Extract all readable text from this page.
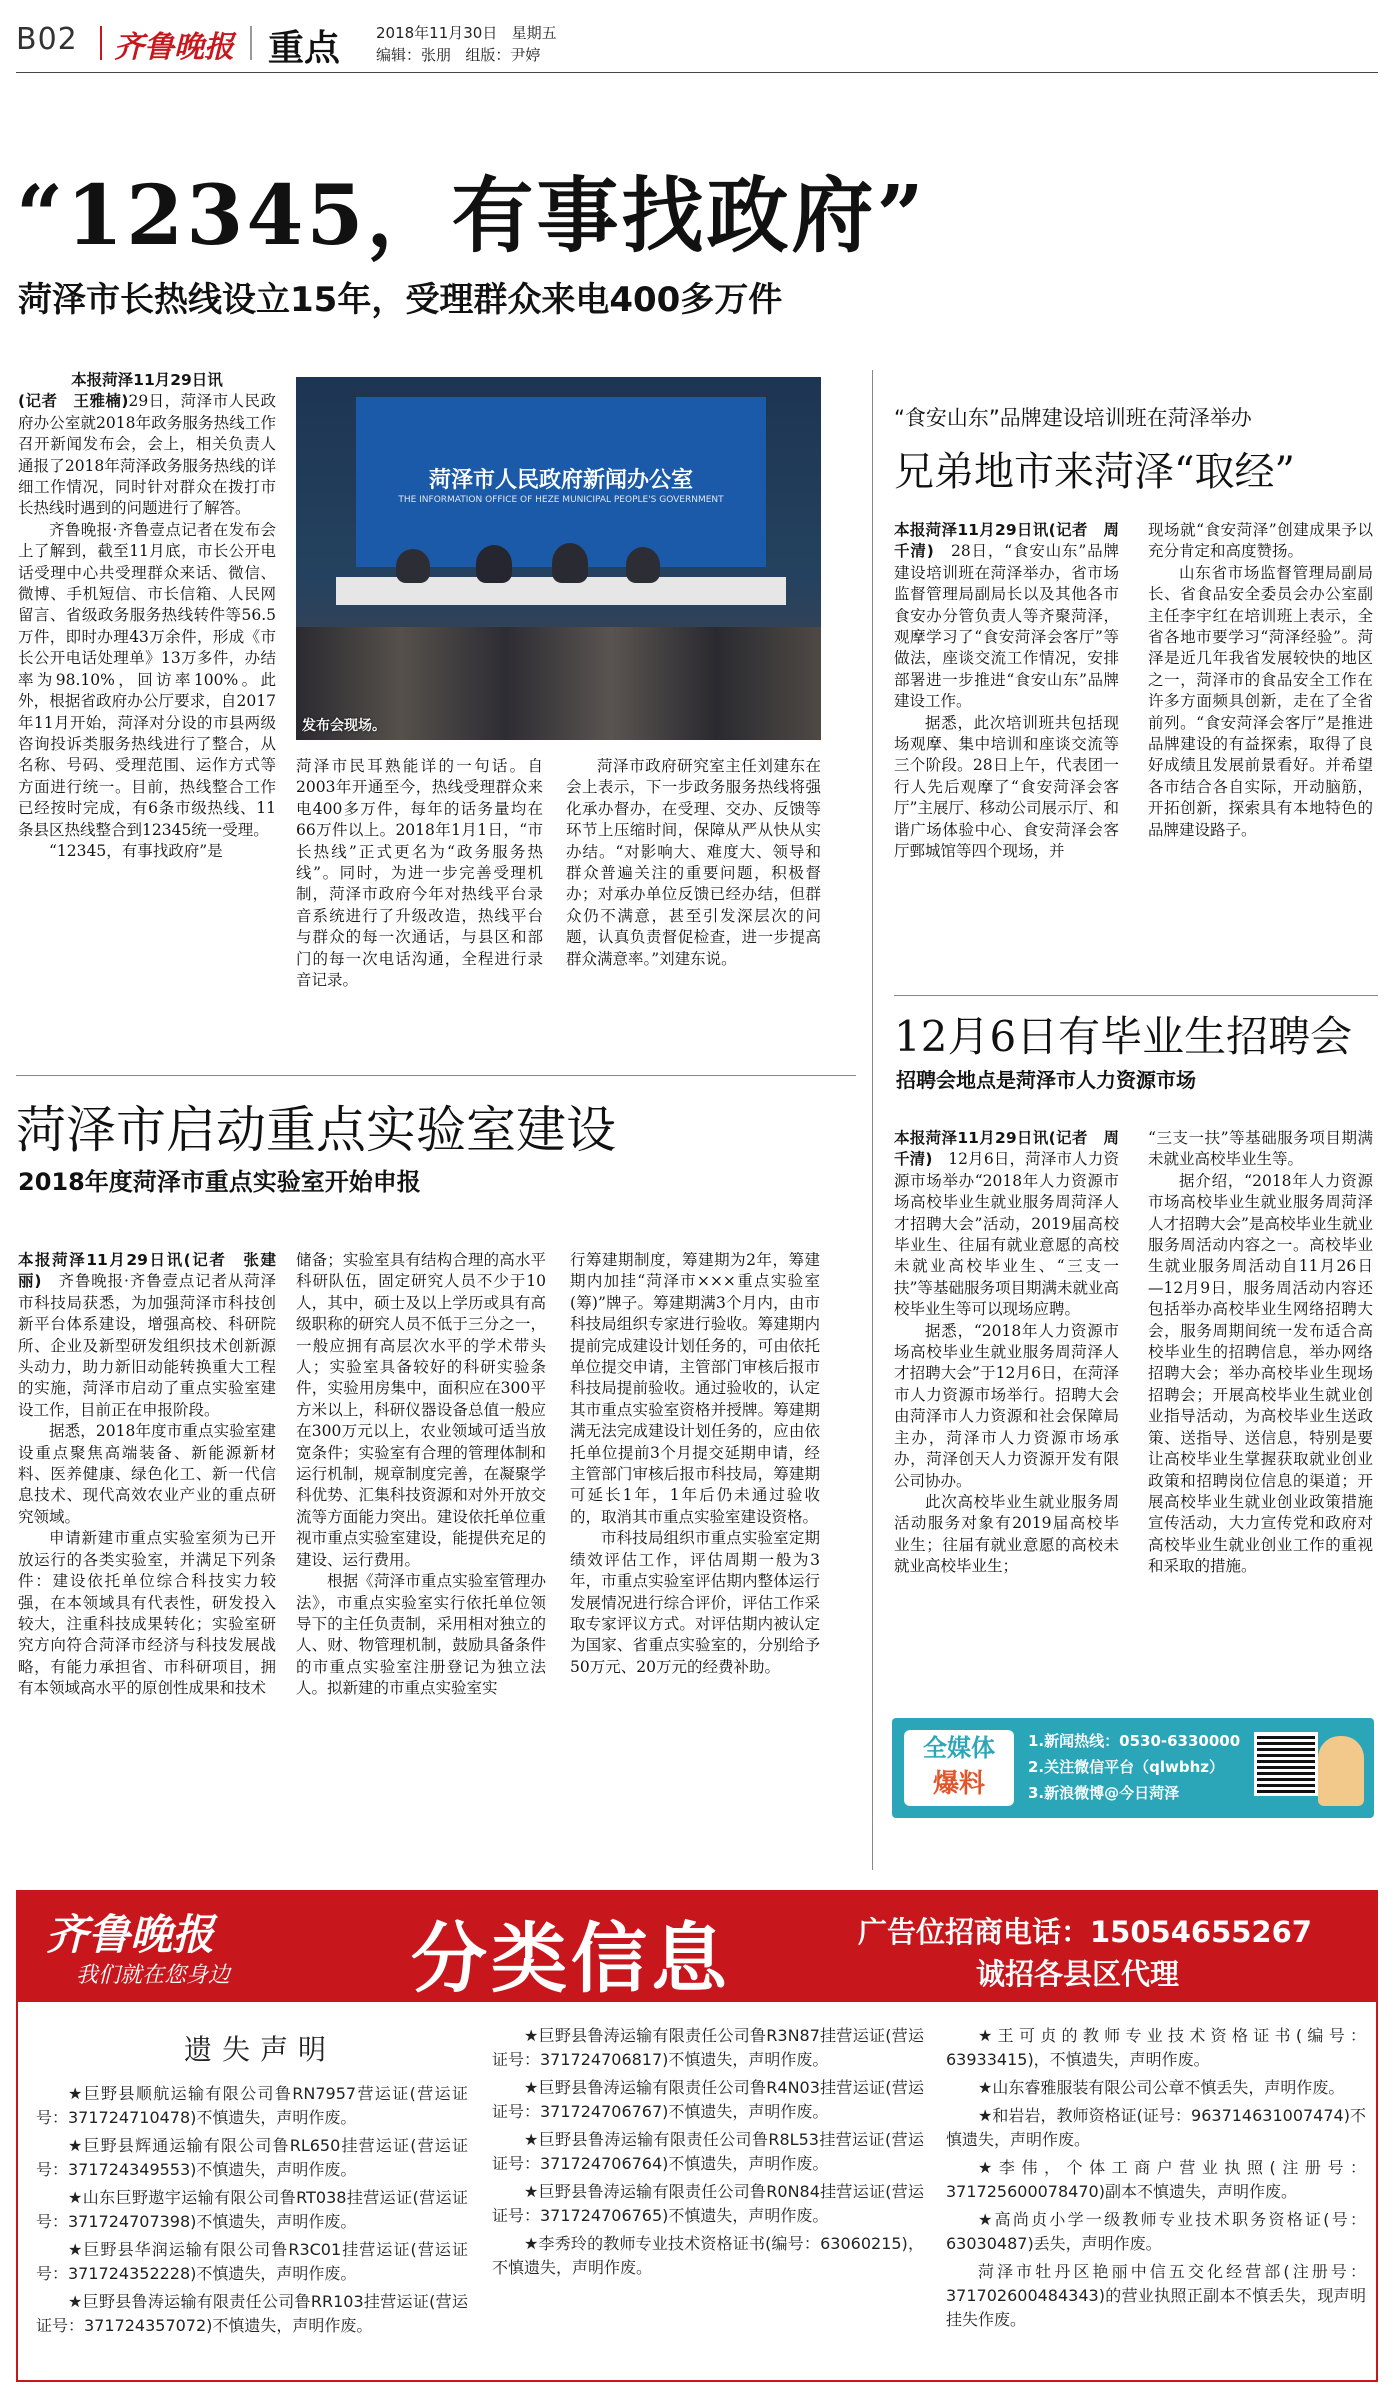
B02 齐鲁晚报 重点 2018年11月30日 星期五
编辑：张朋 组版：尹婷
“12345，有事找政府”
菏泽市长热线设立15年，受理群众来电400多万件

本报菏泽11月29日讯

(记者　王雅楠)29日，菏泽市人民政府办公室就2018年政务服务热线工作召开新闻发布会，会上，相关负责人通报了2018年菏泽政务服务热线的详细工作情况，同时针对群众在拨打市长热线时遇到的问题进行了解答。

齐鲁晚报·齐鲁壹点记者在发布会上了解到，截至11月底，市长公开电话受理中心共受理群众来话、微信、微博、手机短信、市长信箱、人民网留言、省级政务服务热线转件等56.5万件，即时办理43万余件，形成《市长公开电话处理单》13万多件，办结率为98.10%，回访率100%。此外，根据省政府办公厅要求，自2017年11月开始，菏泽对分设的市县两级咨询投诉类服务热线进行了整合，从名称、号码、受理范围、运作方式等方面进行统一。目前，热线整合工作已经按时完成，有6条市级热线、11条县区热线整合到12345统一受理。

“12345，有事找政府”是

菏泽市人民政府新闻办公室
THE INFORMATION OFFICE OF HEZE MUNICIPAL PEOPLE'S GOVERNMENT
发布会现场。

菏泽市民耳熟能详的一句话。自2003年开通至今，热线受理群众来电400多万件，每年的话务量均在66万件以上。2018年1月1日，“市长热线”正式更名为“政务服务热线”。同时，为进一步完善受理机制，菏泽市政府今年对热线平台录音系统进行了升级改造，热线平台与群众的每一次通话，与县区和部门的每一次电话沟通，全程进行录音记录。

菏泽市政府研究室主任刘建东在会上表示，下一步政务服务热线将强化承办督办，在受理、交办、反馈等环节上压缩时间，保障从严从快从实办结。“对影响大、难度大、领导和群众普遍关注的重要问题，积极督办；对承办单位反馈已经办结，但群众仍不满意，甚至引发深层次的问题，认真负责督促检查，进一步提高群众满意率。”刘建东说。

“食安山东”品牌建设培训班在菏泽举办
兄弟地市来菏泽“取经”

本报菏泽11月29日讯(记者　周千清)　 28日，“食安山东”品牌建设培训班在菏泽举办，省市场监督管理局副局长以及其他各市食安办分管负责人等齐聚菏泽，观摩学习了“食安菏泽会客厅”等做法，座谈交流工作情况，安排部署进一步推进“食安山东”品牌建设工作。

据悉，此次培训班共包括现场观摩、集中培训和座谈交流等三个阶段。28日上午，代表团一行人先后观摩了“食安菏泽会客厅”主展厅、移动公司展示厅、和谐广场体验中心、食安菏泽会客厅鄄城馆等四个现场，并

现场就“食安菏泽”创建成果予以充分肯定和高度赞扬。

山东省市场监督管理局副局长、省食品安全委员会办公室副主任李宇红在培训班上表示，全省各地市要学习“菏泽经验”。菏泽是近几年我省发展较快的地区之一，菏泽市的食品安全工作在许多方面频具创新，走在了全省前列。“食安菏泽会客厅”是推进品牌建设的有益探索，取得了良好成绩且发展前景看好。并希望各市结合各自实际，开动脑筋，开拓创新，探索具有本地特色的品牌建设路子。

12月6日有毕业生招聘会
招聘会地点是菏泽市人力资源市场

本报菏泽11月29日讯(记者　周千清)　 12月6日，菏泽市人力资源市场举办“2018年人力资源市场高校毕业生就业服务周菏泽人才招聘大会”活动，2019届高校毕业生、往届有就业意愿的高校未就业高校毕业生、“三支一扶”等基础服务项目期满未就业高校毕业生等可以现场应聘。

据悉，“2018年人力资源市场高校毕业生就业服务周菏泽人才招聘大会”于12月6日，在菏泽市人力资源市场举行。招聘大会由菏泽市人力资源和社会保障局主办，菏泽市人力资源市场承办，菏泽创天人力资源开发有限公司协办。

此次高校毕业生就业服务周活动服务对象有2019届高校毕业生；往届有就业意愿的高校未就业高校毕业生；

“三支一扶”等基础服务项目期满未就业高校毕业生等。

据介绍，“2018年人力资源市场高校毕业生就业服务周菏泽人才招聘大会”是高校毕业生就业服务周活动内容之一。高校毕业生就业服务周活动自11月26日—12月9日，服务周活动内容还包括举办高校毕业生网络招聘大会，服务周期间统一发布适合高校毕业生的招聘信息，举办网络招聘大会；举办高校毕业生现场招聘会；开展高校毕业生就业创业指导活动，为高校毕业生送政策、送指导、送信息，特别是要让高校毕业生掌握获取就业创业政策和招聘岗位信息的渠道；开展高校毕业生就业创业政策措施宣传活动，大力宣传党和政府对高校毕业生就业创业工作的重视和采取的措施。

全媒体
爆料
1.新闻热线：0530-6330000
2.关注微信平台（qlwbhz）
3.新浪微博@今日菏泽
菏泽市启动重点实验室建设
2018年度菏泽市重点实验室开始申报

本报菏泽11月29日讯(记者　张建丽)　 齐鲁晚报·齐鲁壹点记者从菏泽市科技局获悉，为加强菏泽市科技创新平台体系建设，增强高校、科研院所、企业及新型研发组织技术创新源头动力，助力新旧动能转换重大工程的实施，菏泽市启动了重点实验室建设工作，目前正在申报阶段。

据悉，2018年度市重点实验室建设重点聚焦高端装备、新能源新材料、医养健康、绿色化工、新一代信息技术、现代高效农业产业的重点研究领域。

申请新建市重点实验室须为已开放运行的各类实验室，并满足下列条件：建设依托单位综合科技实力较强，在本领域具有代表性，研发投入较大，注重科技成果转化；实验室研究方向符合菏泽市经济与科技发展战略，有能力承担省、市科研项目，拥有本领域高水平的原创性成果和技术

储备；实验室具有结构合理的高水平科研队伍，固定研究人员不少于10人，其中，硕士及以上学历或具有高级职称的研究人员不低于三分之一，一般应拥有高层次水平的学术带头人；实验室具备较好的科研实验条件，实验用房集中，面积应在300平方米以上，科研仪器设备总值一般应在300万元以上，农业领域可适当放宽条件；实验室有合理的管理体制和运行机制，规章制度完善，在凝聚学科优势、汇集科技资源和对外开放交流等方面能力突出。建设依托单位重视市重点实验室建设，能提供充足的建设、运行费用。

根据《菏泽市重点实验室管理办法》，市重点实验室实行依托单位领导下的主任负责制，采用相对独立的人、财、物管理机制，鼓励具备条件的市重点实验室注册登记为独立法人。拟新建的市重点实验室实

行筹建期制度，筹建期为2年，筹建期内加挂“菏泽市×××重点实验室(筹)”牌子。筹建期满3个月内，由市科技局组织专家进行验收。筹建期内提前完成建设计划任务的，可由依托单位提交申请，主管部门审核后报市科技局提前验收。通过验收的，认定其市重点实验室资格并授牌。筹建期满无法完成建设计划任务的，应由依托单位提前3个月提交延期申请，经主管部门审核后报市科技局，筹建期可延长1年，1年后仍未通过验收的，取消其市重点实验室建设资格。

市科技局组织市重点实验室定期绩效评估工作，评估周期一般为3年，市重点实验室评估期内整体运行发展情况进行综合评价，评估工作采取专家评议方式。对评估期内被认定为国家、省重点实验室的，分别给予50万元、20万元的经费补助。

齐鲁晚报
我们就在您身边 分类信息	广告位招商电话：15054655267
诚招各县区代理
遗失声明

★巨野县顺航运输有限公司鲁RN7957营运证(营运证号：371724710478)不慎遗失，声明作废。

★巨野县辉通运输有限公司鲁RL650挂营运证(营运证号：371724349553)不慎遗失，声明作废。

★山东巨野遨宇运输有限公司鲁RT038挂营运证(营运证号：371724707398)不慎遗失，声明作废。

★巨野县华润运输有限公司鲁R3C01挂营运证(营运证号：371724352228)不慎遗失，声明作废。

★巨野县鲁涛运输有限责任公司鲁RR103挂营运证(营运证号：371724357072)不慎遗失，声明作废。

★巨野县鲁涛运输有限责任公司鲁R3N87挂营运证(营运证号：371724706817)不慎遗失，声明作废。

★巨野县鲁涛运输有限责任公司鲁R4N03挂营运证(营运证号：371724706767)不慎遗失，声明作废。

★巨野县鲁涛运输有限责任公司鲁R8L53挂营运证(营运证号：371724706764)不慎遗失，声明作废。

★巨野县鲁涛运输有限责任公司鲁R0N84挂营运证(营运证号：371724706765)不慎遗失，声明作废。

★李秀玲的教师专业技术资格证书(编号：63060215)，不慎遗失，声明作废。

★王可贞的教师专业技术资格证书(编号：63933415)，不慎遗失，声明作废。

★山东睿雅服装有限公司公章不慎丢失，声明作废。

★和岩岩，教师资格证(证号：963714631007474)不慎遗失，声明作废。

★李伟，个体工商户营业执照(注册号：371725600078470)副本不慎遗失，声明作废。

★高尚贞小学一级教师专业技术职务资格证(号：63030487)丢失，声明作废。

菏泽市牡丹区艳丽中信五交化经营部(注册号：371702600484343)的营业执照正副本不慎丢失，现声明挂失作废。
